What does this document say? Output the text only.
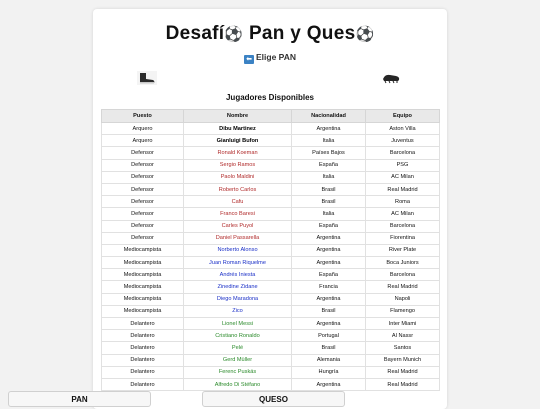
Desafí⚽ Pan y Ques⚽
⬅ Elige PAN
Jugadores Disponibles
Puesto	Nombre	Nacionalidad	Equipo
Arquero	Dibu Martinez	Argentina	Aston Villa
Arquero	Gianluigi Bufon	Italia	Juventus
Defensor	Ronald Koeman	Países Bajos	Barcelona
Defensor	Sergio Ramos	España	PSG
Defensor	Paolo Maldini	Italia	AC Milan
Defensor	Roberto Carlos	Brasil	Real Madrid
Defensor	Cafu	Brasil	Roma
Defensor	Franco Baresi	Italia	AC Milan
Defensor	Carles Puyol	España	Barcelona
Defensor	Daniel Passarella	Argentina	Fiorentina
Mediocampista	Norberto Alonso	Argentina	River Plate
Mediocampista	Juan Roman Riquelme	Argentina	Boca Juniors
Mediocampista	Andrés Iniesta	España	Barcelona
Mediocampista	Zinedine Zidane	Francia	Real Madrid
Mediocampista	Diego Maradona	Argentina	Napoli
Mediocampista	Zico	Brasil	Flamengo
Delantero	Lionel Messi	Argentina	Inter Miami
Delantero	Cristiano Ronaldo	Portugal	Al Nassr
Delantero	Pelé	Brasil	Santos
Delantero	Gerd Müller	Alemania	Bayern Munich
Delantero	Ferenc Puskás	Hungría	Real Madrid
Delantero	Alfredo Di Stéfano	Argentina	Real Madrid
PAN	QUESO
